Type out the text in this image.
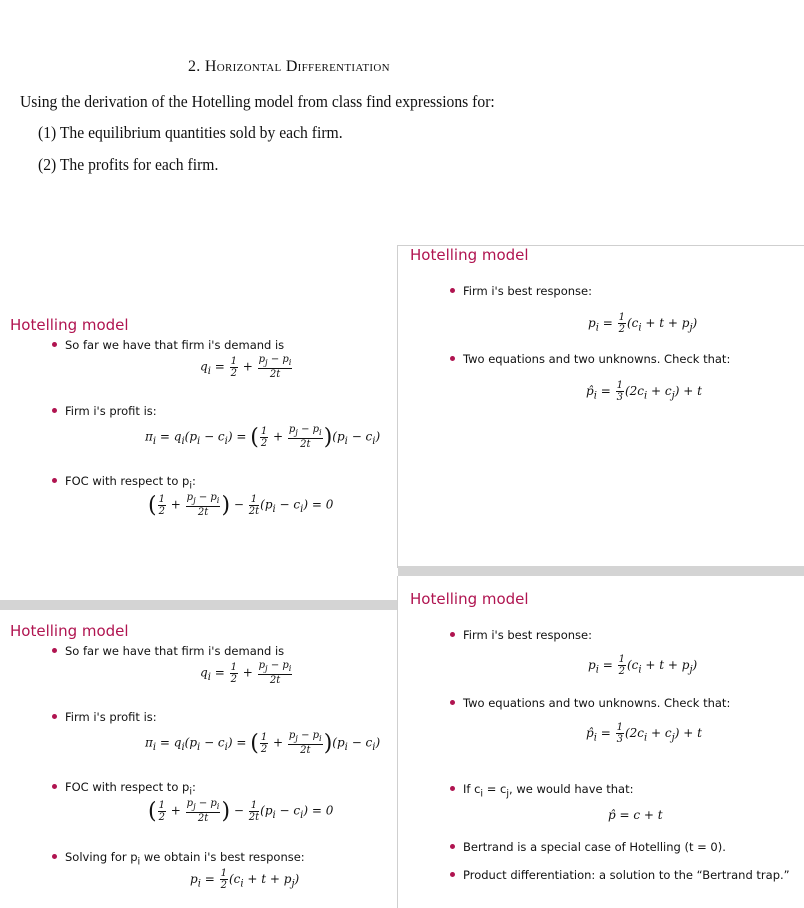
2. Horizontal Differentiation
Using the derivation of the Hotelling model from class find expressions for:
(1) The equilibrium quantities sold by each firm.
(2) The profits for each firm.
Hotelling model
So far we have that firm i's demand is
$q_i = \frac{1}{2} + \frac{p_j - p_i}{2t}$
Firm i's profit is:
$\pi_i = q_i(p_i - c_i)$ = ( $\frac{1}{2} + \frac{p_j - p_i}{2t} )(p_i - c_i)$
FOC with respect to $p_i$:
( $\frac{1}{2} + \frac{p_j - p_i}{2t}$ ) − $\frac{1}{2t} (p_i - c_i) = 0$
Hotelling model
Firm i's best response:
$p_i = \frac{1}{2} (c_i + t + p_j)$
Two equations and two unknowns. Check that:
$p̂_i = \frac{1}{3} (2c_i + c_j) + t$
Hotelling model
So far we have that firm i's demand is
$q_i = \frac{1}{2} + \frac{p_j - p_i}{2t}$
Firm i's profit is:
$\pi_i = q_i(p_i - c_i)$ = ( $\frac{1}{2} + \frac{p_j - p_i}{2t} )(p_i - c_i)$
FOC with respect to $p_i$:
( $\frac{1}{2} + \frac{p_j - p_i}{2t}$ ) − $\frac{1}{2t} (p_i - c_i) = 0$
Solving for $p_i$ we obtain i's best response:
$p_i = \frac{1}{2} (c_i + t + p_j)$
Hotelling model
Firm i's best response:
$p_i = \frac{1}{2} (c_i + t + p_j)$
Two equations and two unknowns. Check that:
$p̂_i = \frac{1}{3} (2c_i + c_j) + t$
If $c_i = c_j$, we would have that:
p̂ = c + t
Bertrand is a special case of Hotelling (t = 0).
Product differentiation: a solution to the “Bertrand trap.”
